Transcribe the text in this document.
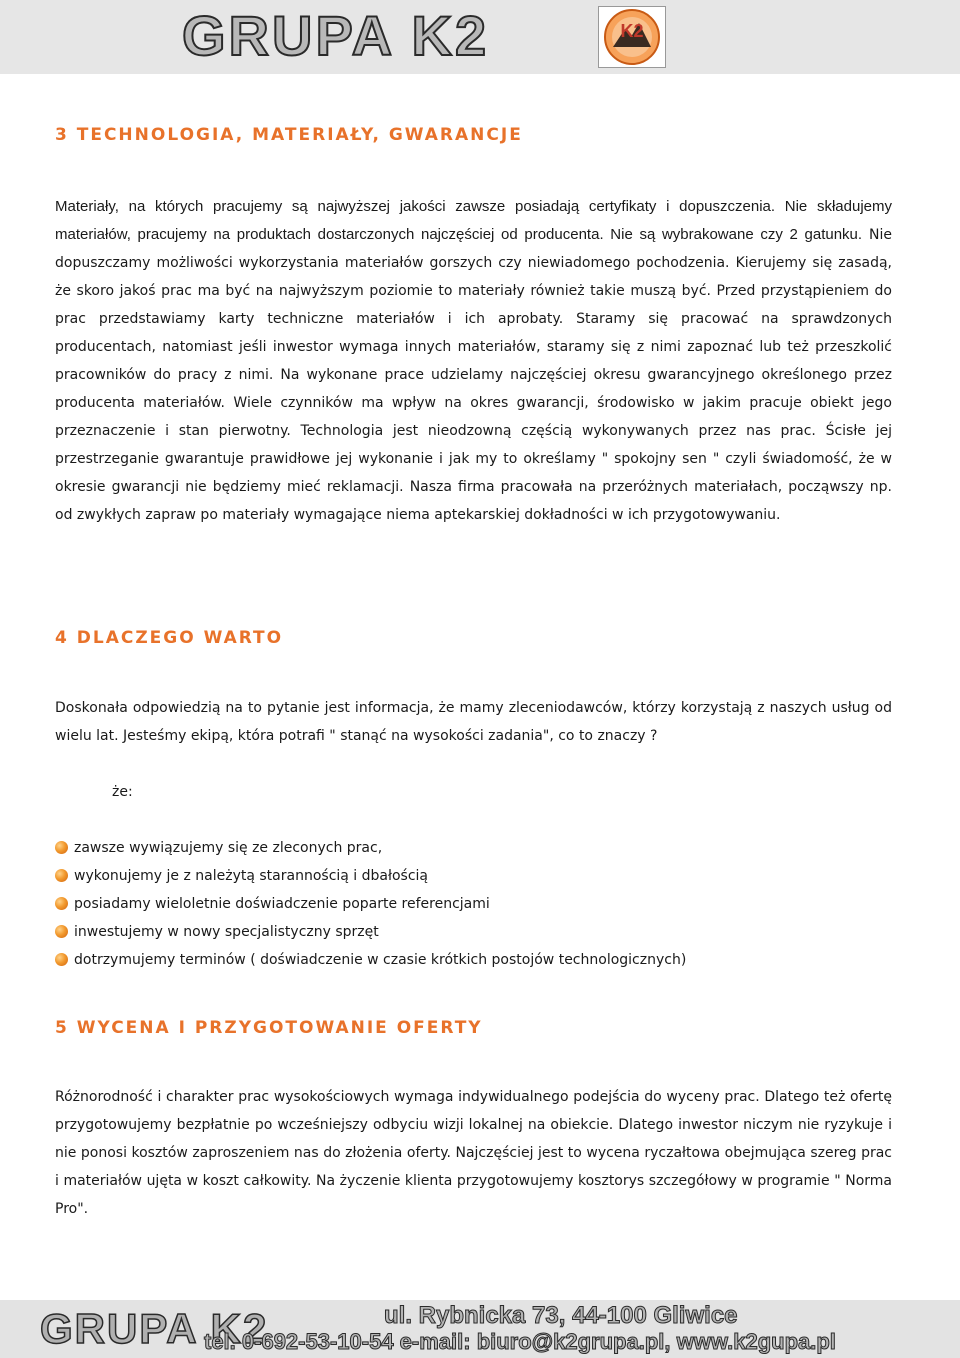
GRUPA K2	K2
3 TECHNOLOGIA, MATERIAŁY, GWARANCJE

Materiały, na których pracujemy są najwyższej jakości zawsze posiadają certyfikaty i dopuszczenia. Nie składujemy materiałów, pracujemy na produktach dostarczonych najczęściej od producenta. Nie są wybrakowane czy 2 gatunku. Nie dopuszczamy możliwości wykorzystania materiałów gorszych czy niewiadomego pochodzenia. Kierujemy się zasadą, że skoro jakoś prac ma być na najwyższym poziomie to materiały również takie muszą być. Przed przystąpieniem do prac przedstawiamy karty techniczne materiałów i ich aprobaty. Staramy się pracować na sprawdzonych producentach, natomiast jeśli inwestor wymaga innych materiałów, staramy się z nimi zapoznać lub też przeszkolić pracowników do pracy z nimi. Na wykonane prace udzielamy najczęściej okresu gwarancyjnego określonego przez producenta materiałów. Wiele czynników ma wpływ na okres gwarancji, środowisko w jakim pracuje obiekt jego przeznaczenie i stan pierwotny. Technologia jest nieodzowną częścią wykonywanych przez nas prac. Ścisłe jej przestrzeganie gwarantuje prawidłowe jej wykonanie i jak my to określamy " spokojny sen " czyli świadomość, że w okresie gwarancji nie będziemy mieć reklamacji. Nasza firma pracowała na przeróżnych materiałach, począwszy np. od zwykłych zapraw po materiały wymagające niema aptekarskiej dokładności w ich przygotowywaniu.

4 DLACZEGO WARTO

Doskonała odpowiedzią na to pytanie jest informacja, że mamy zleceniodawców, którzy korzystają z naszych usług od wielu lat. Jesteśmy ekipą, która potrafi " stanąć na wysokości zadania", co to znaczy ?

że:

zawsze wywiązujemy się ze zleconych prac,
wykonujemy je z należytą starannością i dbałością
posiadamy wieloletnie doświadczenie poparte referencjami
inwestujemy w nowy specjalistyczny sprzęt
dotrzymujemy terminów ( doświadczenie w czasie krótkich postojów technologicznych)
5 WYCENA I PRZYGOTOWANIE OFERTY

Różnorodność i charakter prac wysokościowych wymaga indywidualnego podejścia do wyceny prac. Dlatego też ofertę przygotowujemy bezpłatnie po wcześniejszy odbyciu wizji lokalnej na obiekcie. Dlatego inwestor niczym nie ryzykuje i nie ponosi kosztów zaproszeniem nas do złożenia oferty. Najczęściej jest to wycena ryczałtowa obejmująca szereg prac i materiałów ujęta w koszt całkowity. Na życzenie klienta przygotowujemy kosztorys szczegółowy w programie " Norma Pro".

GRUPA K2	ul. Rybnicka 73, 44-100 Gliwice
tel. 0-692-53-10-54 e-mail: biuro@k2grupa.pl, www.k2gupa.pl
